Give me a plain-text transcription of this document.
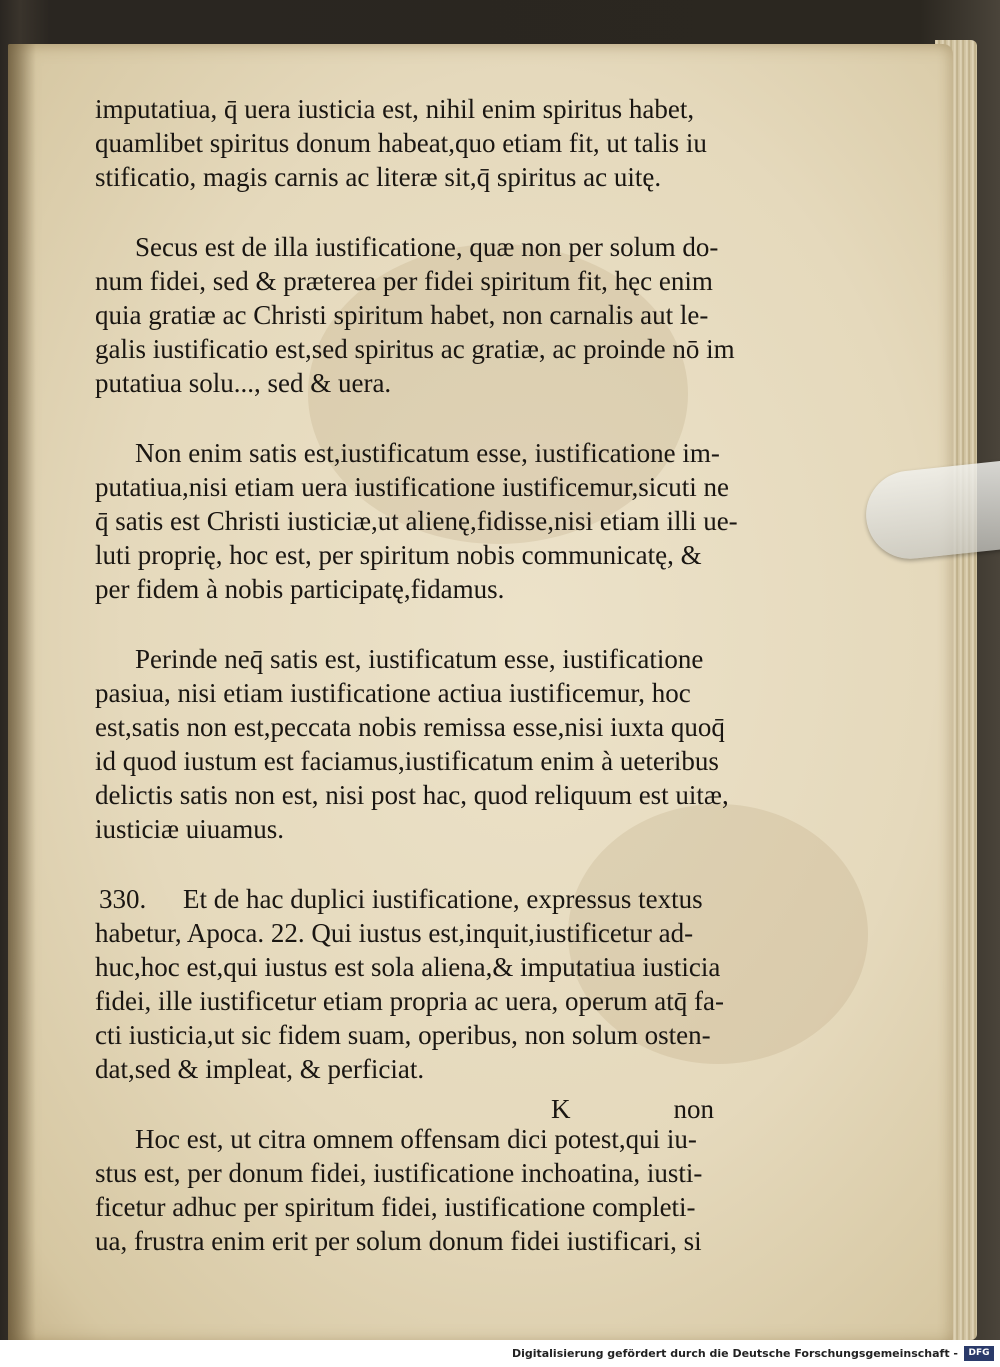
imputatiua, q̄ uera iusticia est, nihil enim spiritus habet,
quamlibet spiritus donum habeat,quo etiam fit, ut talis iu
stificatio, magis carnis ac literæ sit,q̄ spiritus ac uitę.
Secus est de illa iustificatione, quæ non per solum do-
num fidei, sed & præterea per fidei spiritum fit, hęc enim
quia gratiæ ac Christi spiritum habet, non carnalis aut le-
galis iustificatio est,sed spiritus ac gratiæ, ac proinde nō im
putatiua solu..., sed & uera.
Non enim satis est,iustificatum esse, iustificatione im-
putatiua,nisi etiam uera iustificatione iustificemur,sicuti ne
q̄ satis est Christi iusticiæ,ut alienę,fidisse,nisi etiam illi ue-
luti proprię, hoc est, per spiritum nobis communicatę, &
per fidem à nobis participatę,fidamus.
Perinde neq̄ satis est, iustificatum esse, iustificatione
pasiua, nisi etiam iustificatione actiua iustificemur, hoc
est,satis non est,peccata nobis remissa esse,nisi iuxta quoq̄
id quod iustum est faciamus,iustificatum enim à ueteribus
delictis satis non est, nisi post hac, quod reliquum est uitæ,
iusticiæ uiuamus.
330. Et de hac duplici iustificatione, expressus textus
habetur, Apoca. 22. Qui iustus est,inquit,iustificetur ad-
huc,hoc est,qui iustus est sola aliena,& imputatiua iusticia
fidei, ille iustificetur etiam propria ac uera, operum atq̄ fa-
cti iusticia,ut sic fidem suam, operibus, non solum osten-
dat,sed & impleat, & perficiat.
Hoc est, ut citra omnem offensam dici potest,qui iu-
stus est, per donum fidei, iustificatione inchoatina, iusti-
ficetur adhuc per spiritum fidei, iustificatione completi-
ua, frustra enim erit per solum donum fidei iustificari, si
K	non
Digitalisierung gefördert durch die Deutsche Forschungsgemeinschaft -	DFG
